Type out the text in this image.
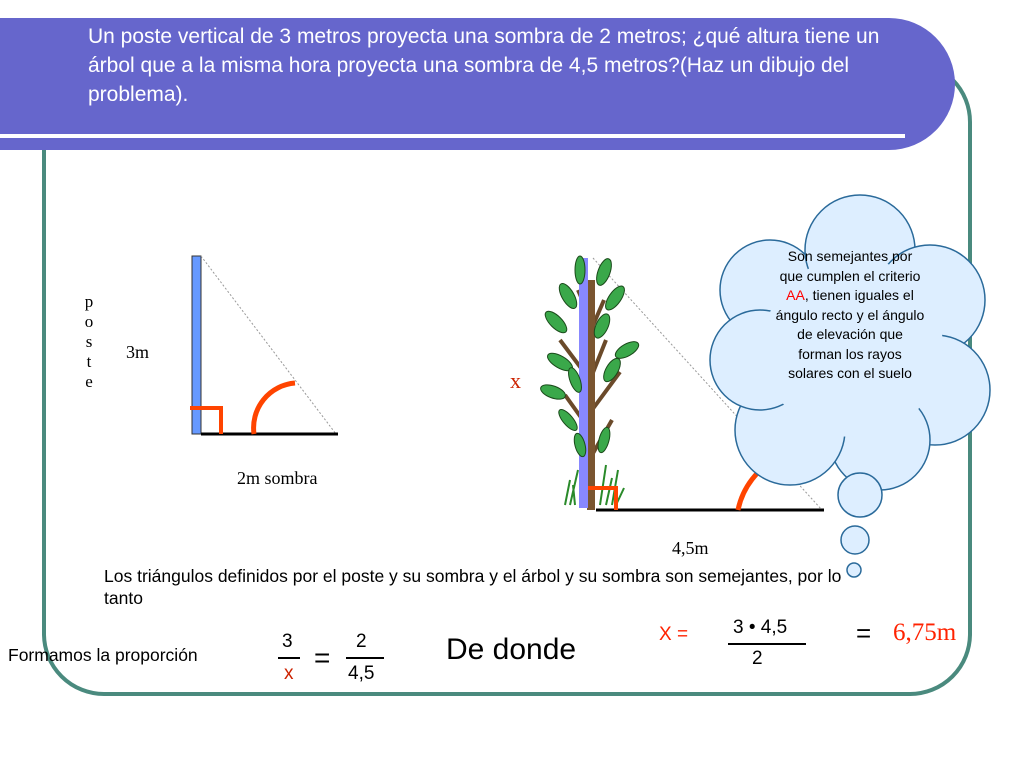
Un poste vertical de 3 metros proyecta una sombra de 2 metros; ¿qué altura tiene un árbol que a la misma hora proyecta una sombra de 4,5 metros?(Haz un dibujo del problema).
p
o
s
t
e
3m
2m sombra
x
4,5m
Son semejantes por que cumplen el criterio AA, tienen iguales el ángulo recto y el ángulo de elevación que forman los rayos solares con el suelo
Los triángulos definidos por el poste y su sombra y el árbol y su sombra son semejantes, por lo tanto
Formamos la proporción
3
x
=
2
4,5
De donde	X = 3 • 4,5
2
= 6,75m
